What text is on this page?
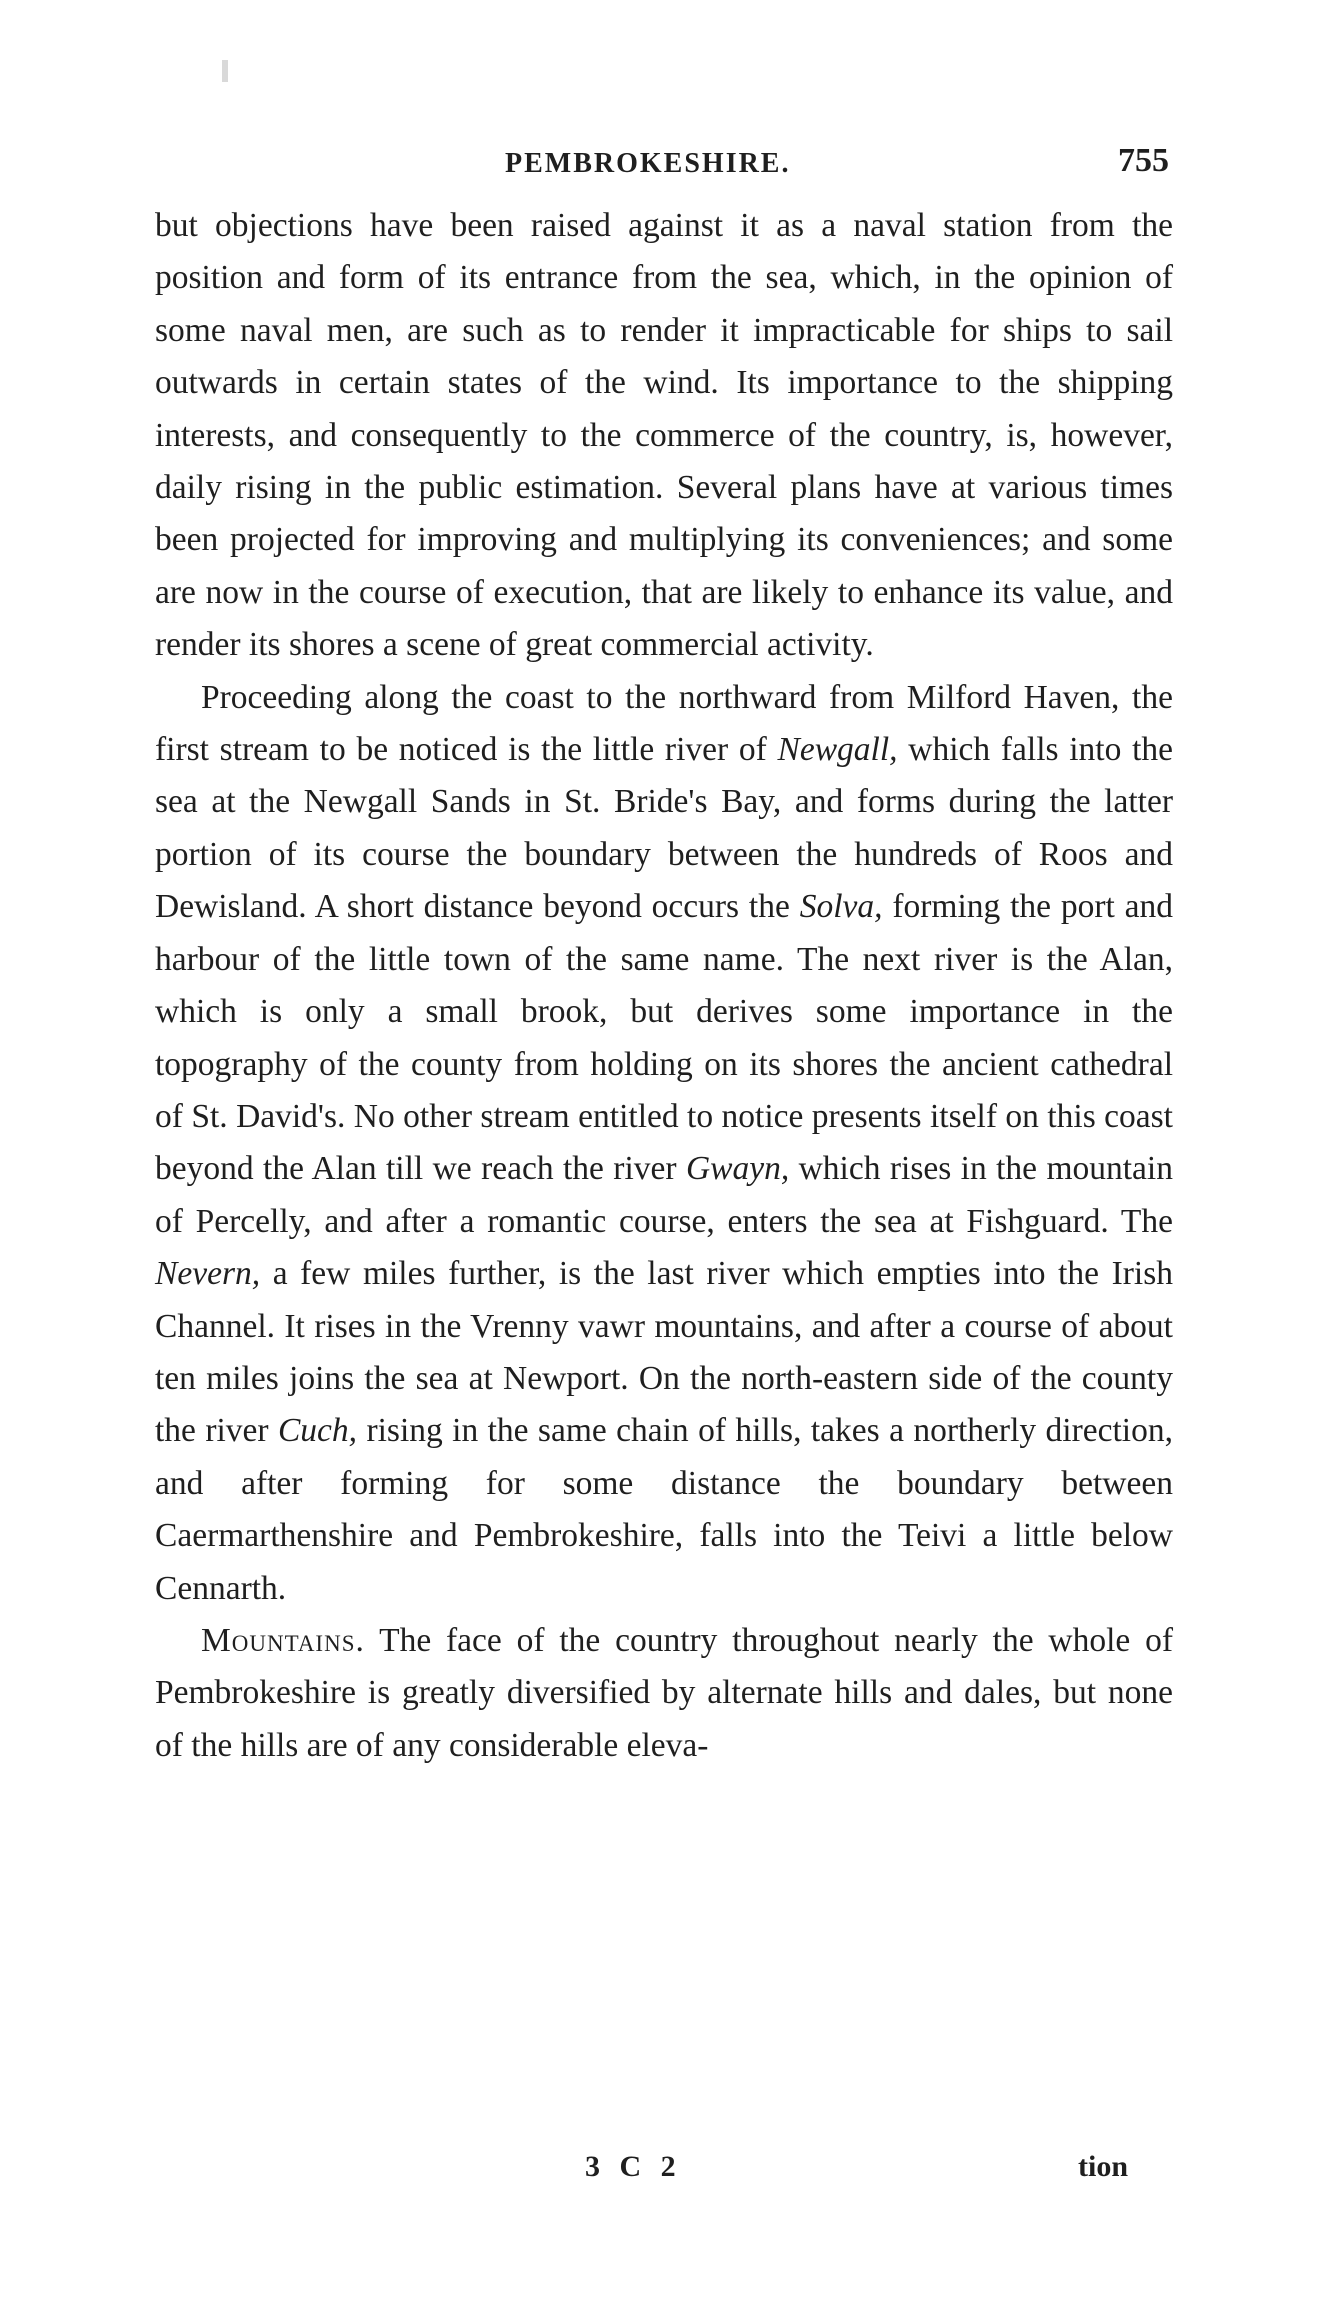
PEMBROKESHIRE.	755

but objections have been raised against it as a naval station from the position and form of its entrance from the sea, which, in the opinion of some naval men, are such as to render it impracticable for ships to sail outwards in certain states of the wind. Its importance to the shipping interests, and consequently to the commerce of the country, is, however, daily rising in the public estimation. Several plans have at various times been projected for improving and multiplying its conveniences; and some are now in the course of execution, that are likely to enhance its value, and render its shores a scene of great commercial activity.

Proceeding along the coast to the northward from Milford Haven, the first stream to be noticed is the little river of Newgall, which falls into the sea at the Newgall Sands in St. Bride's Bay, and forms during the latter portion of its course the boundary between the hundreds of Roos and Dewisland. A short distance beyond occurs the Solva, forming the port and harbour of the little town of the same name. The next river is the Alan, which is only a small brook, but derives some importance in the topography of the county from holding on its shores the ancient cathedral of St. David's. No other stream entitled to notice presents itself on this coast beyond the Alan till we reach the river Gwayn, which rises in the mountain of Percelly, and after a romantic course, enters the sea at Fishguard. The Nevern, a few miles further, is the last river which empties into the Irish Channel. It rises in the Vrenny vawr mountains, and after a course of about ten miles joins the sea at Newport. On the north-eastern side of the county the river Cuch, rising in the same chain of hills, takes a northerly direction, and after forming for some distance the boundary between Caermarthenshire and Pembrokeshire, falls into the Teivi a little below Cennarth.

Mountains. The face of the country throughout nearly the whole of Pembrokeshire is greatly diversified by alternate hills and dales, but none of the hills are of any considerable eleva-

3 C 2	tion
